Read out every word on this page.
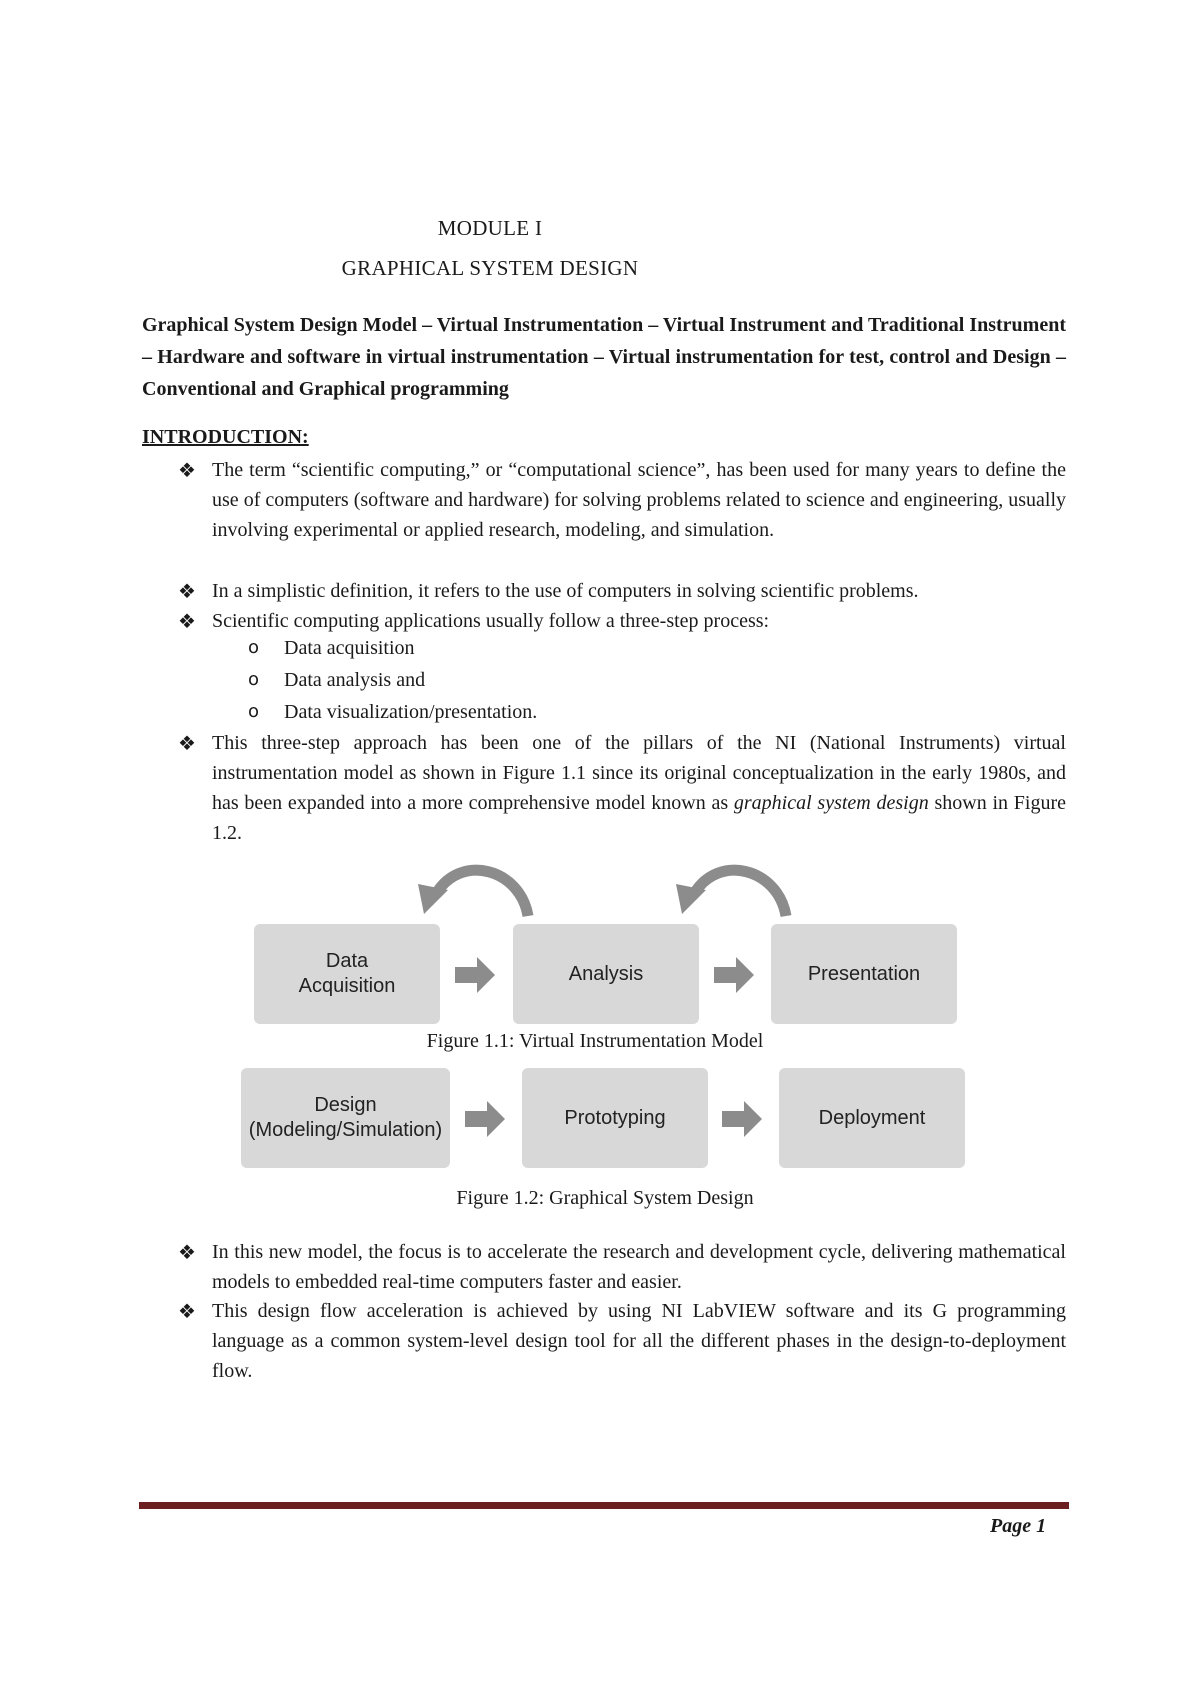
MODULE I
GRAPHICAL SYSTEM DESIGN
Graphical System Design Model – Virtual Instrumentation – Virtual Instrument and Traditional Instrument – Hardware and software in virtual instrumentation – Virtual instrumentation for test, control and Design – Conventional and Graphical programming
INTRODUCTION:
❖ The term “scientific computing,” or “computational science”, has been used for many years to define the use of computers (software and hardware) for solving problems related to science and engineering, usually involving experimental or applied research, modeling, and simulation.
❖ In a simplistic definition, it refers to the use of computers in solving scientific problems.
❖ Scientific computing applications usually follow a three-step process:
o Data acquisition
o Data analysis and
o Data visualization/presentation.
❖ This three-step approach has been one of the pillars of the NI (National Instruments) virtual instrumentation model as shown in Figure 1.1 since its original conceptualization in the early 1980s, and has been expanded into a more comprehensive model known as graphical system design shown in Figure 1.2.
Data
Acquisition
Analysis	Presentation
Figure 1.1: Virtual Instrumentation Model
Design
(Modeling/Simulation)
Prototyping	Deployment
Figure 1.2: Graphical System Design
❖ In this new model, the focus is to accelerate the research and development cycle, delivering mathematical models to embedded real-time computers faster and easier.
❖ This design flow acceleration is achieved by using NI LabVIEW software and its G programming language as a common system-level design tool for all the different phases in the design-to-deployment flow.
Page 1
